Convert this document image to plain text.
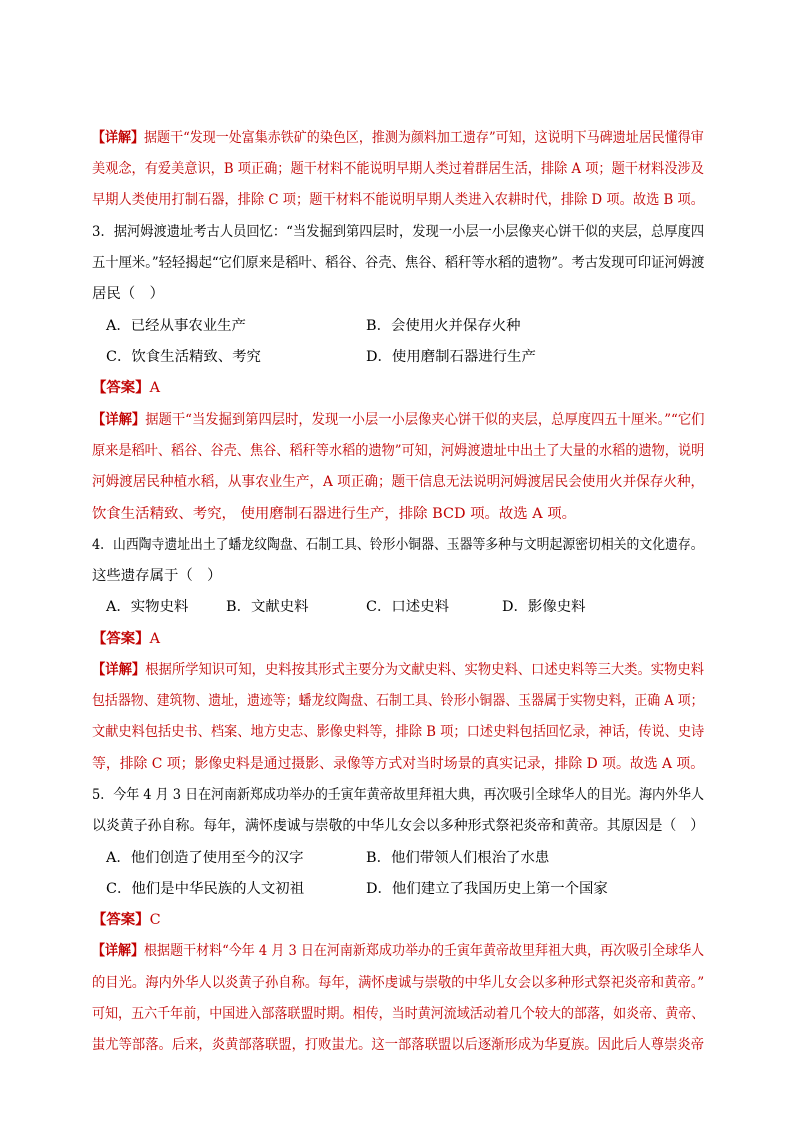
【详解】据题干“发现一处富集赤铁矿的染色区，推测为颜料加工遗存”可知，这说明下马碑遗址居民懂得审
美观念，有爱美意识，B 项正确；题干材料不能说明早期人类过着群居生活，排除 A 项；题干材料没涉及
早期人类使用打制石器，排除 C 项；题干材料不能说明早期人类进入农耕时代，排除 D 项。故选 B 项。
3．据河姆渡遗址考古人员回忆：“当发掘到第四层时，发现一小层一小层像夹心饼干似的夹层，总厚度四
五十厘米。”轻轻揭起“它们原来是稻叶、稻谷、谷壳、焦谷、稻秆等水稻的遗物”。考古发现可印证河姆渡
居民（　）
A．已经从事农业生产	B．会使用火并保存火种
C．饮食生活精致、考究	D．使用磨制石器进行生产
【答案】A
【详解】据题干“当发掘到第四层时，发现一小层一小层像夹心饼干似的夹层，总厚度四五十厘米。”“它们
原来是稻叶、稻谷、谷壳、焦谷、稻秆等水稻的遗物”可知，河姆渡遗址中出土了大量的水稻的遗物，说明
河姆渡居民种植水稻，从事农业生产，A 项正确；题干信息无法说明河姆渡居民会使用火并保存火种，
饮食生活精致、考究， 使用磨制石器进行生产，排除 BCD 项。故选 A 项。
4．山西陶寺遗址出土了蟠龙纹陶盘、石制工具、铃形小铜器、玉器等多种与文明起源密切相关的文化遗存。
这些遗存属于（　）
A．实物史料	B．文献史料	C．口述史料	D．影像史料
【答案】A
【详解】根据所学知识可知，史料按其形式主要分为文献史料、实物史料、口述史料等三大类。实物史料
包括器物、建筑物、遗址，遗迹等；蟠龙纹陶盘、石制工具、铃形小铜器、玉器属于实物史料，正确 A 项；
文献史料包括史书、档案、地方史志、影像史料等，排除 B 项；口述史料包括回忆录，神话，传说、史诗
等，排除 C 项；影像史料是通过摄影、录像等方式对当时场景的真实记录，排除 D 项。故选 A 项。
5．今年 4 月 3 日在河南新郑成功举办的壬寅年黄帝故里拜祖大典，再次吸引全球华人的目光。海内外华人
以炎黄子孙自称。每年，满怀虔诚与崇敬的中华儿女会以多种形式祭祀炎帝和黄帝。其原因是（　）
A．他们创造了使用至今的汉字	B．他们带领人们根治了水患
C．他们是中华民族的人文初祖	D．他们建立了我国历史上第一个国家
【答案】C
【详解】根据题干材料“今年 4 月 3 日在河南新郑成功举办的壬寅年黄帝故里拜祖大典，再次吸引全球华人
的目光。海内外华人以炎黄子孙自称。每年，满怀虔诚与崇敬的中华儿女会以多种形式祭祀炎帝和黄帝。”
可知，五六千年前，中国进入部落联盟时期。相传，当时黄河流域活动着几个较大的部落，如炎帝、黄帝、
蚩尤等部落。后来，炎黄部落联盟，打败蚩尤。这一部落联盟以后逐渐形成为华夏族。因此后人尊崇炎帝
